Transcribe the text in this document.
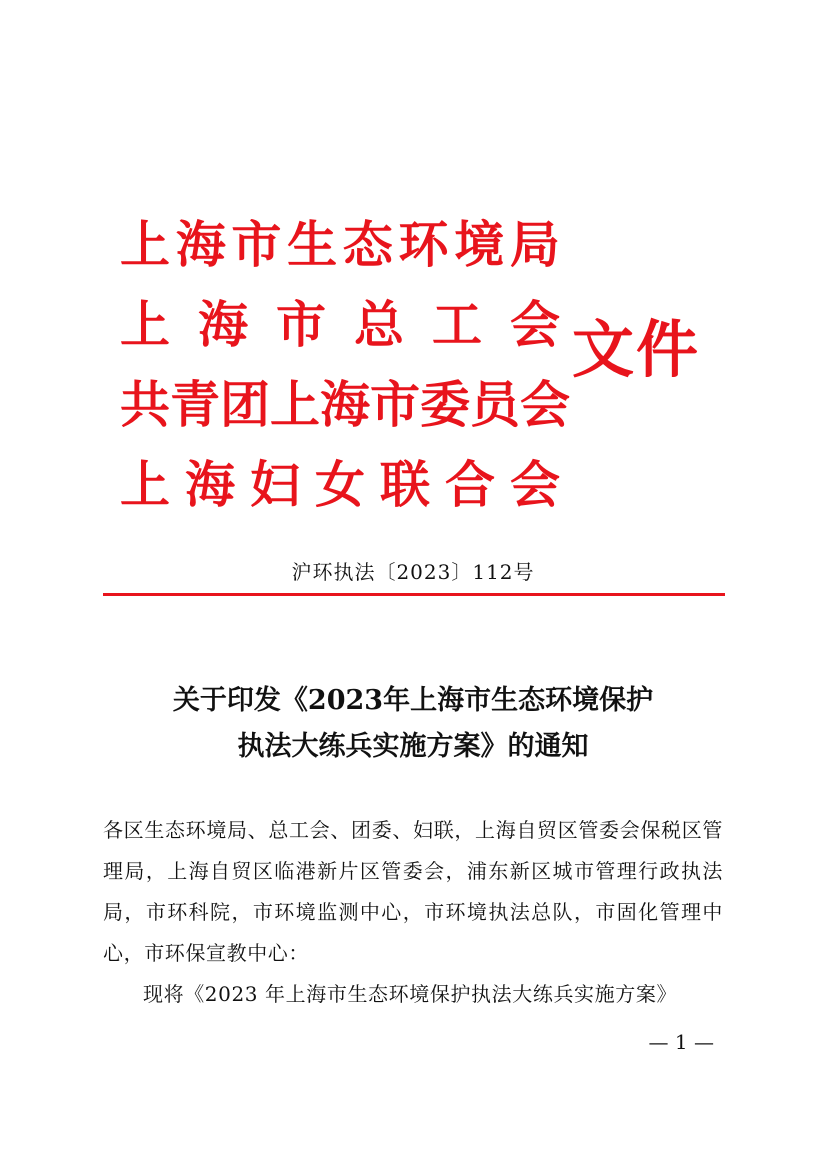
上 海 市 生 态 环 境 局
上 海 市 总 工 会
共 青 团 上 海 市 委 员 会
上 海 妇 女 联 合 会
文件
沪环执法〔2023〕112号
关于印发《2023年上海市生态环境保护
执法大练兵实施方案》的通知
各区生态环境局、总工会、团委、妇联，上海自贸区管委会保税区管理局，上海自贸区临港新片区管委会，浦东新区城市管理行政执法局，市环科院，市环境监测中心，市环境执法总队，市固化管理中心，市环保宣教中心：
现将《2023 年上海市生态环境保护执法大练兵实施方案》
— 1 —
